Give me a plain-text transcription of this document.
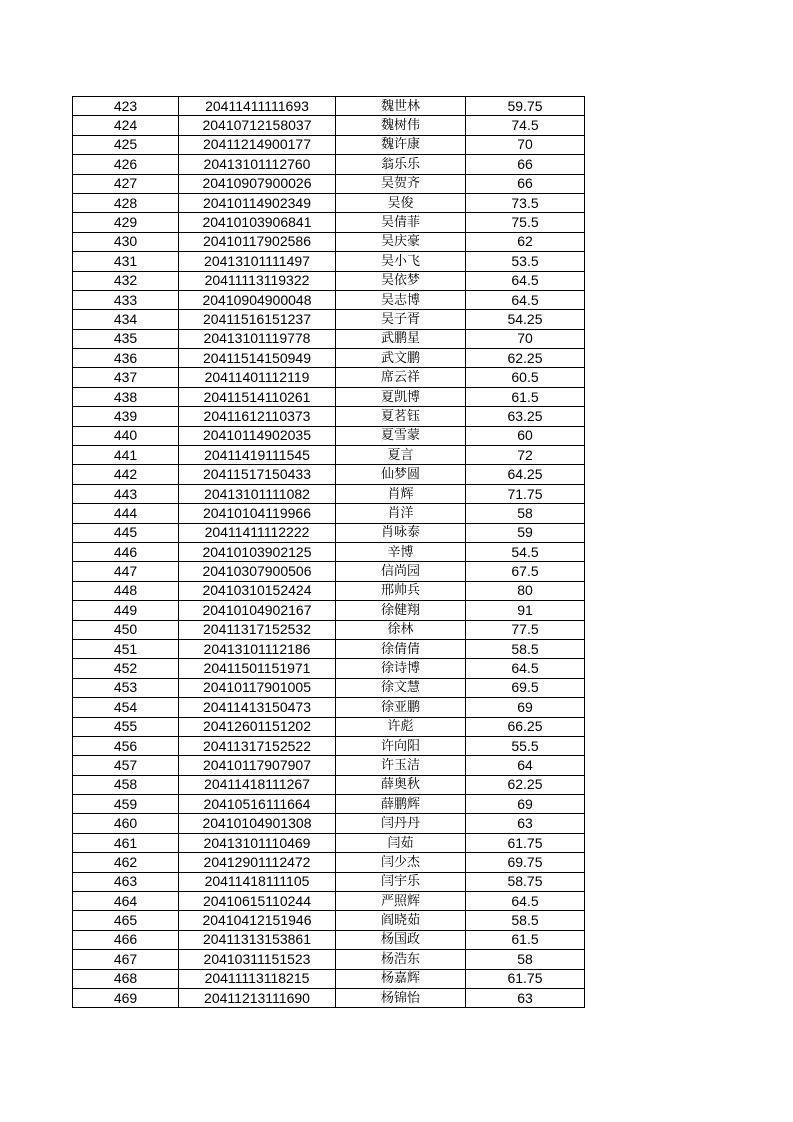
423	20411411111693	魏世林	59.75
424	20410712158037	魏树伟	74.5
425	20411214900177	魏许康	70
426	20413101112760	翁乐乐	66
427	20410907900026	吴贺齐	66
428	20410114902349	吴俊	73.5
429	20410103906841	吴倩菲	75.5
430	20410117902586	吴庆豪	62
431	20413101111497	吴小飞	53.5
432	20411113119322	吴依梦	64.5
433	20410904900048	吴志博	64.5
434	20411516151237	吴子胥	54.25
435	20413101119778	武鹏星	70
436	20411514150949	武文鹏	62.25
437	20411401112119	席云祥	60.5
438	20411514110261	夏凯博	61.5
439	20411612110373	夏茗钰	63.25
440	20410114902035	夏雪蒙	60
441	20411419111545	夏言	72
442	20411517150433	仙梦圆	64.25
443	20413101111082	肖辉	71.75
444	20410104119966	肖洋	58
445	20411411112222	肖咏泰	59
446	20410103902125	辛博	54.5
447	20410307900506	信尚园	67.5
448	20410310152424	邢帅兵	80
449	20410104902167	徐健翔	91
450	20411317152532	徐林	77.5
451	20413101112186	徐倩倩	58.5
452	20411501151971	徐诗博	64.5
453	20410117901005	徐文慧	69.5
454	20411413150473	徐亚鹏	69
455	20412601151202	许彪	66.25
456	20411317152522	许向阳	55.5
457	20410117907907	许玉洁	64
458	20411418111267	薛奥秋	62.25
459	20410516111664	薛鹏辉	69
460	20410104901308	闫丹丹	63
461	20413101110469	闫茹	61.75
462	20412901112472	闫少杰	69.75
463	20411418111105	闫宇乐	58.75
464	20410615110244	严照辉	64.5
465	20410412151946	阎晓茹	58.5
466	20411313153861	杨国政	61.5
467	20410311151523	杨浩东	58
468	20411113118215	杨嘉辉	61.75
469	20411213111690	杨锦怡	63
